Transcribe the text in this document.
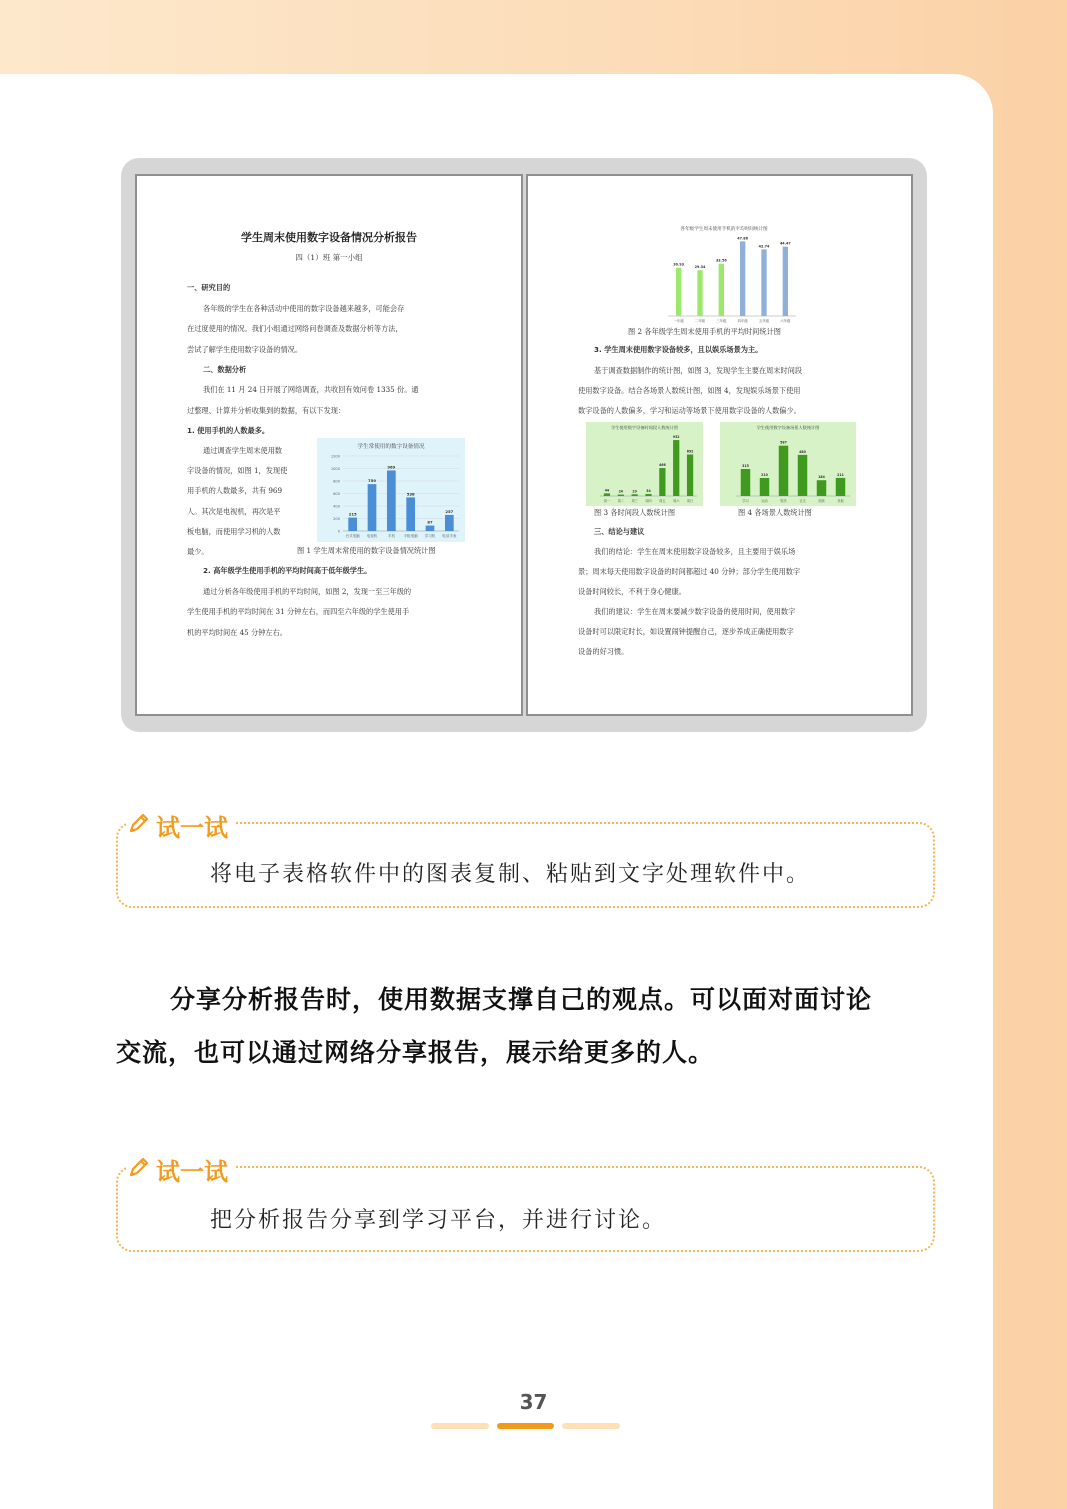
学生周末使用数字设备情况分析报告
四（1）班 第一小组
一、研究目的
各年级的学生在各种活动中使用的数字设备越来越多，可能会存
在过度使用的情况。我们小组通过网络问卷调查及数据分析等方法，
尝试了解学生使用数字设备的情况。
二、数据分析
我们在 11 月 24 日开展了网络调查，共收回有效问卷 1335 份。通
过整理、计算并分析收集到的数据，有以下发现：
1. 使用手机的人数最多。
通过调查学生周末使用数
字设备的情况，如图 1，发现使
用手机的人数最多，共有 969
人。其次是电视机，再次是平
板电脑，而使用学习机的人数
最少。
学生常使用的数字设备情况
0
200
400
600
800
1000
1200
215
台式电脑
750
电视机
969
手机
538
平板电脑
87
学习机
257
电话手表
图 1 学生周末常使用的数字设备情况统计图
2. 高年级学生使用手机的平均时间高于低年级学生。
通过分析各年级使用手机的平均时间，如图 2，发现一至三年级的
学生使用手机的平均时间在 31 分钟左右，而四至六年级的学生使用手
机的平均时间在 45 分钟左右。
各年级学生周末使用手机的平均时间统计图
30.93
一年级
29.34
二年级
33.56
三年级
47.86
四年级
42.74
五年级
44.47
六年级
图 2 各年级学生周末使用手机的平均时间统计图
3. 学生周末使用数字设备较多，且以娱乐场景为主。
基于调查数据制作的统计图，如图 3，发现学生主要在周末时间段
使用数字设备。结合各场景人数统计图，如图 4，发现娱乐场景下使用
数字设备的人数偏多，学习和运动等场景下使用数字设备的人数偏少。
学生使用数字设备时间段人数统计图
44
周一
24
周二
29
周三
34
周四
466
周五
932
周六
692
周日
学生使用数字设备场景人数统计图
315
学习
210
运动
587
娱乐
480
社交
184
阅读
211
其他
图 3 各时间段人数统计图	图 4 各场景人数统计图
三、结论与建议
我们的结论：学生在周末使用数字设备较多，且主要用于娱乐场
景；周末每天使用数字设备的时间都超过 40 分钟；部分学生使用数字
设备时间较长，不利于身心健康。
我们的建议：学生在周末要减少数字设备的使用时间，使用数字
设备时可以限定时长，如设置闹钟提醒自己，逐步养成正确使用数字
设备的好习惯。
试一试
将电子表格软件中的图表复制、粘贴到文字处理软件中。
分享分析报告时，使用数据支撑自己的观点。可以面对面讨论
交流，也可以通过网络分享报告，展示给更多的人。
试一试
把分析报告分享到学习平台，并进行讨论。
37
